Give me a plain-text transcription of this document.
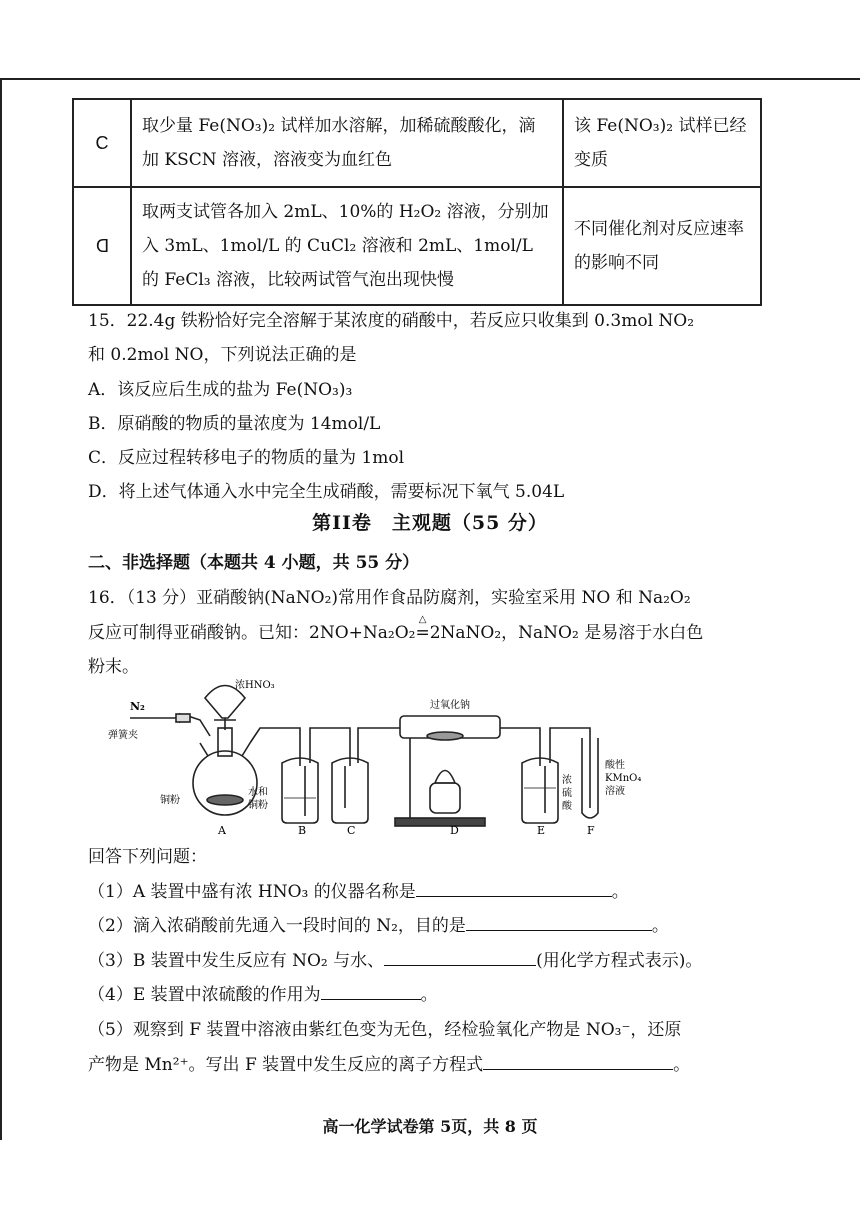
C	取少量 Fe(NO₃)₂ 试样加水溶解，加稀硫酸酸化，滴加 KSCN 溶液，溶液变为血红色	该 Fe(NO₃)₂ 试样已经变质
D	取两支试管各加入 2mL、10%的 H₂O₂ 溶液，分别加入 3mL、1mol/L 的 CuCl₂ 溶液和 2mL、1mol/L 的 FeCl₃ 溶液，比较两试管气泡出现快慢	不同催化剂对反应速率的影响不同
15．22.4g 铁粉恰好完全溶解于某浓度的硝酸中，若反应只收集到 0.3mol NO₂
和 0.2mol NO，下列说法正确的是
A．该反应后生成的盐为 Fe(NO₃)₃
B．原硝酸的物质的量浓度为 14mol/L
C．反应过程转移电子的物质的量为 1mol
D．将上述气体通入水中完全生成硝酸，需要标况下氧气 5.04L
第II卷　主观题（55 分）
二、非选择题（本题共 4 小题，共 55 分）
16．（13 分）亚硝酸钠(NaNO₂)常用作食品防腐剂，实验室采用 NO 和 Na₂O₂
反应可制得亚硝酸钠。已知：2NO+Na₂O₂
△
=2NaNO₂，NaNO₂ 是易溶于水白色
粉末。
浓HNO₃
N₂
弹簧夹
铜粉
水和
铜粉
过氧化钠
浓
硫
酸
酸性
KMnO₄
溶液
A	B	C	D	E	F
回答下列问题：
（1）A 装置中盛有浓 HNO₃ 的仪器名称是	。
（2）滴入浓硝酸前先通入一段时间的 N₂，目的是	。
（3）B 装置中发生反应有 NO₂ 与水、	(用化学方程式表示)。
（4）E 装置中浓硫酸的作用为	。
（5）观察到 F 装置中溶液由紫红色变为无色，经检验氧化产物是 NO₃⁻，还原
产物是 Mn²⁺。写出 F 装置中发生反应的离子方程式	。
高一化学试卷第 5页，共 8 页
